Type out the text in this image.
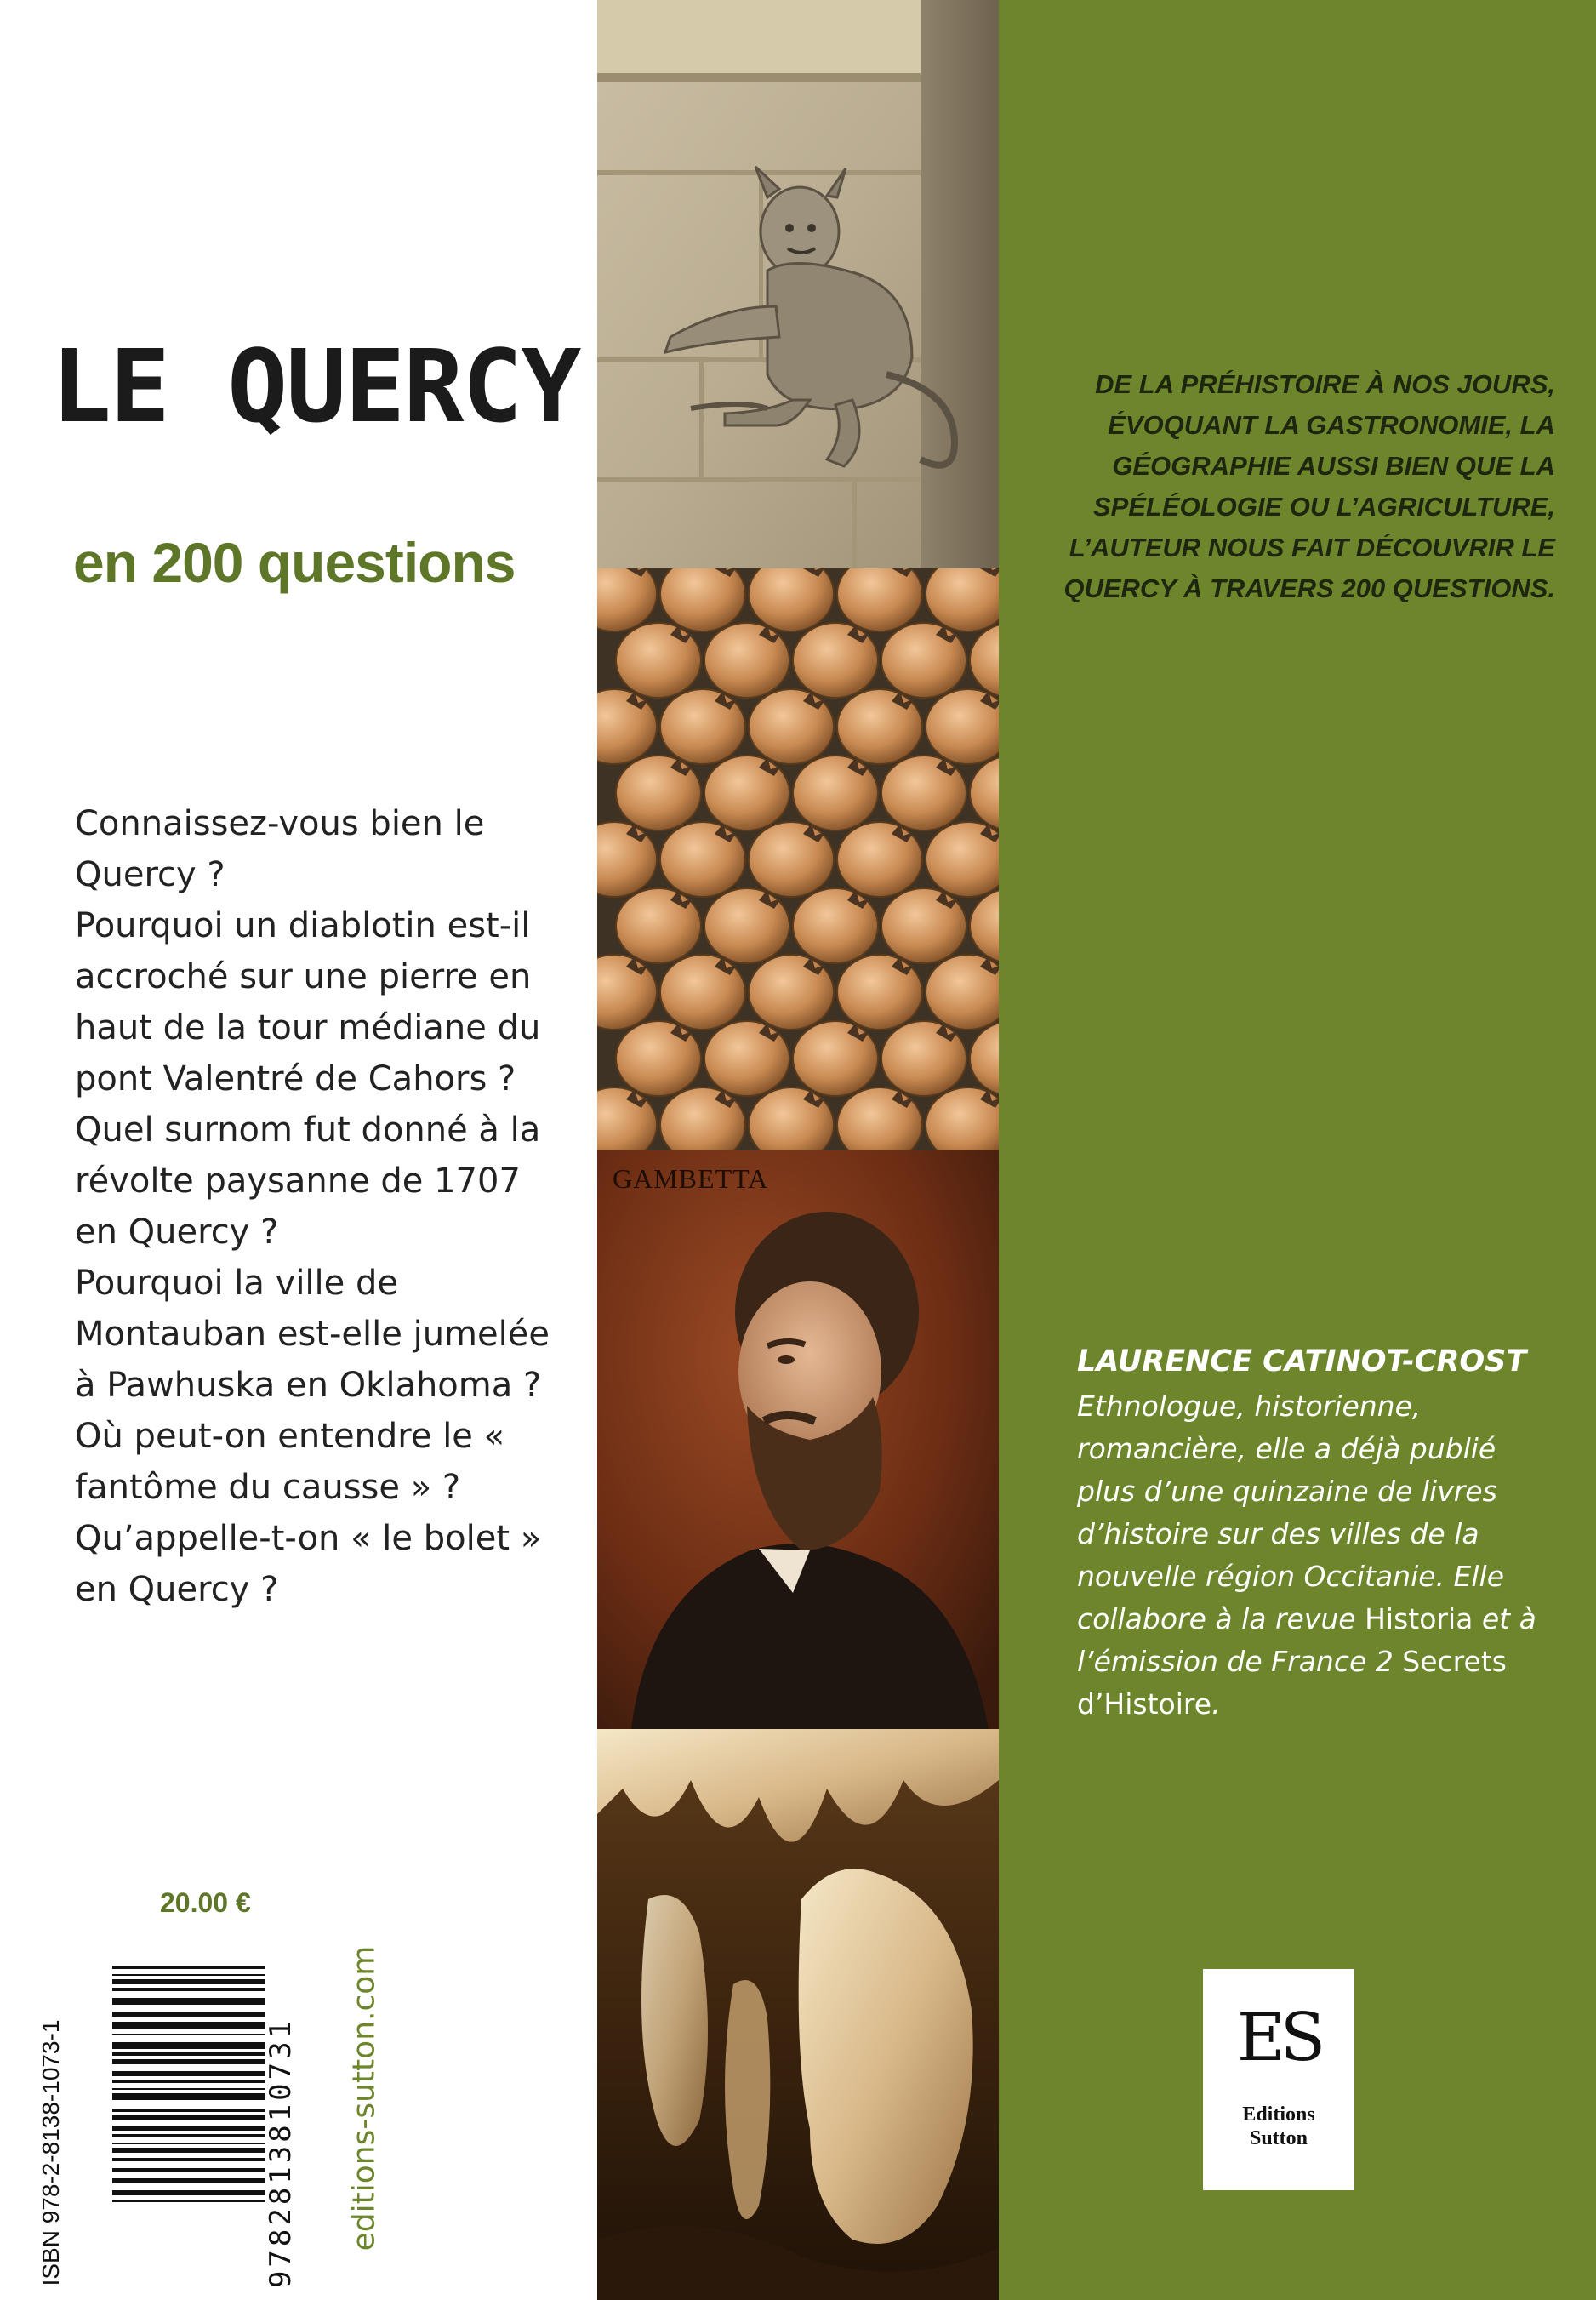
LE QUERCY
en 200 questions

Connaissez-vous bien le Quercy ?

Pourquoi un diablotin est-il accroché sur une pierre en haut de la tour médiane du pont Valentré de Cahors ?

Quel surnom fut donné à la révolte paysanne de 1707 en Quercy ?

Pourquoi la ville de Montauban est-elle jumelée à Pawhuska en Oklahoma ?

Où peut-on entendre le « fantôme du causse » ?

Qu’appelle-t-on « le bolet » en Quercy ?

20.00 €
ISBN 978-2-8138-1073-1	9782813810731 editions-sutton.com
GAMBETTA

DE LA PRÉHISTOIRE À NOS JOURS, ÉVOQUANT LA GASTRONOMIE, LA GÉOGRAPHIE AUSSI BIEN QUE LA SPÉLÉOLOGIE OU L’AGRICULTURE, L’AUTEUR NOUS FAIT DÉCOUVRIR LE QUERCY À TRAVERS 200 QUESTIONS.

LAURENCE CATINOT-CROST

Ethnologue, historienne, romancière, elle a déjà publié plus d’une quinzaine de livres d’histoire sur des villes de la nouvelle région Occitanie. Elle collabore à la revue Historia et à l’émission de France 2 Secrets d’Histoire.

ES
Editions
Sutton
